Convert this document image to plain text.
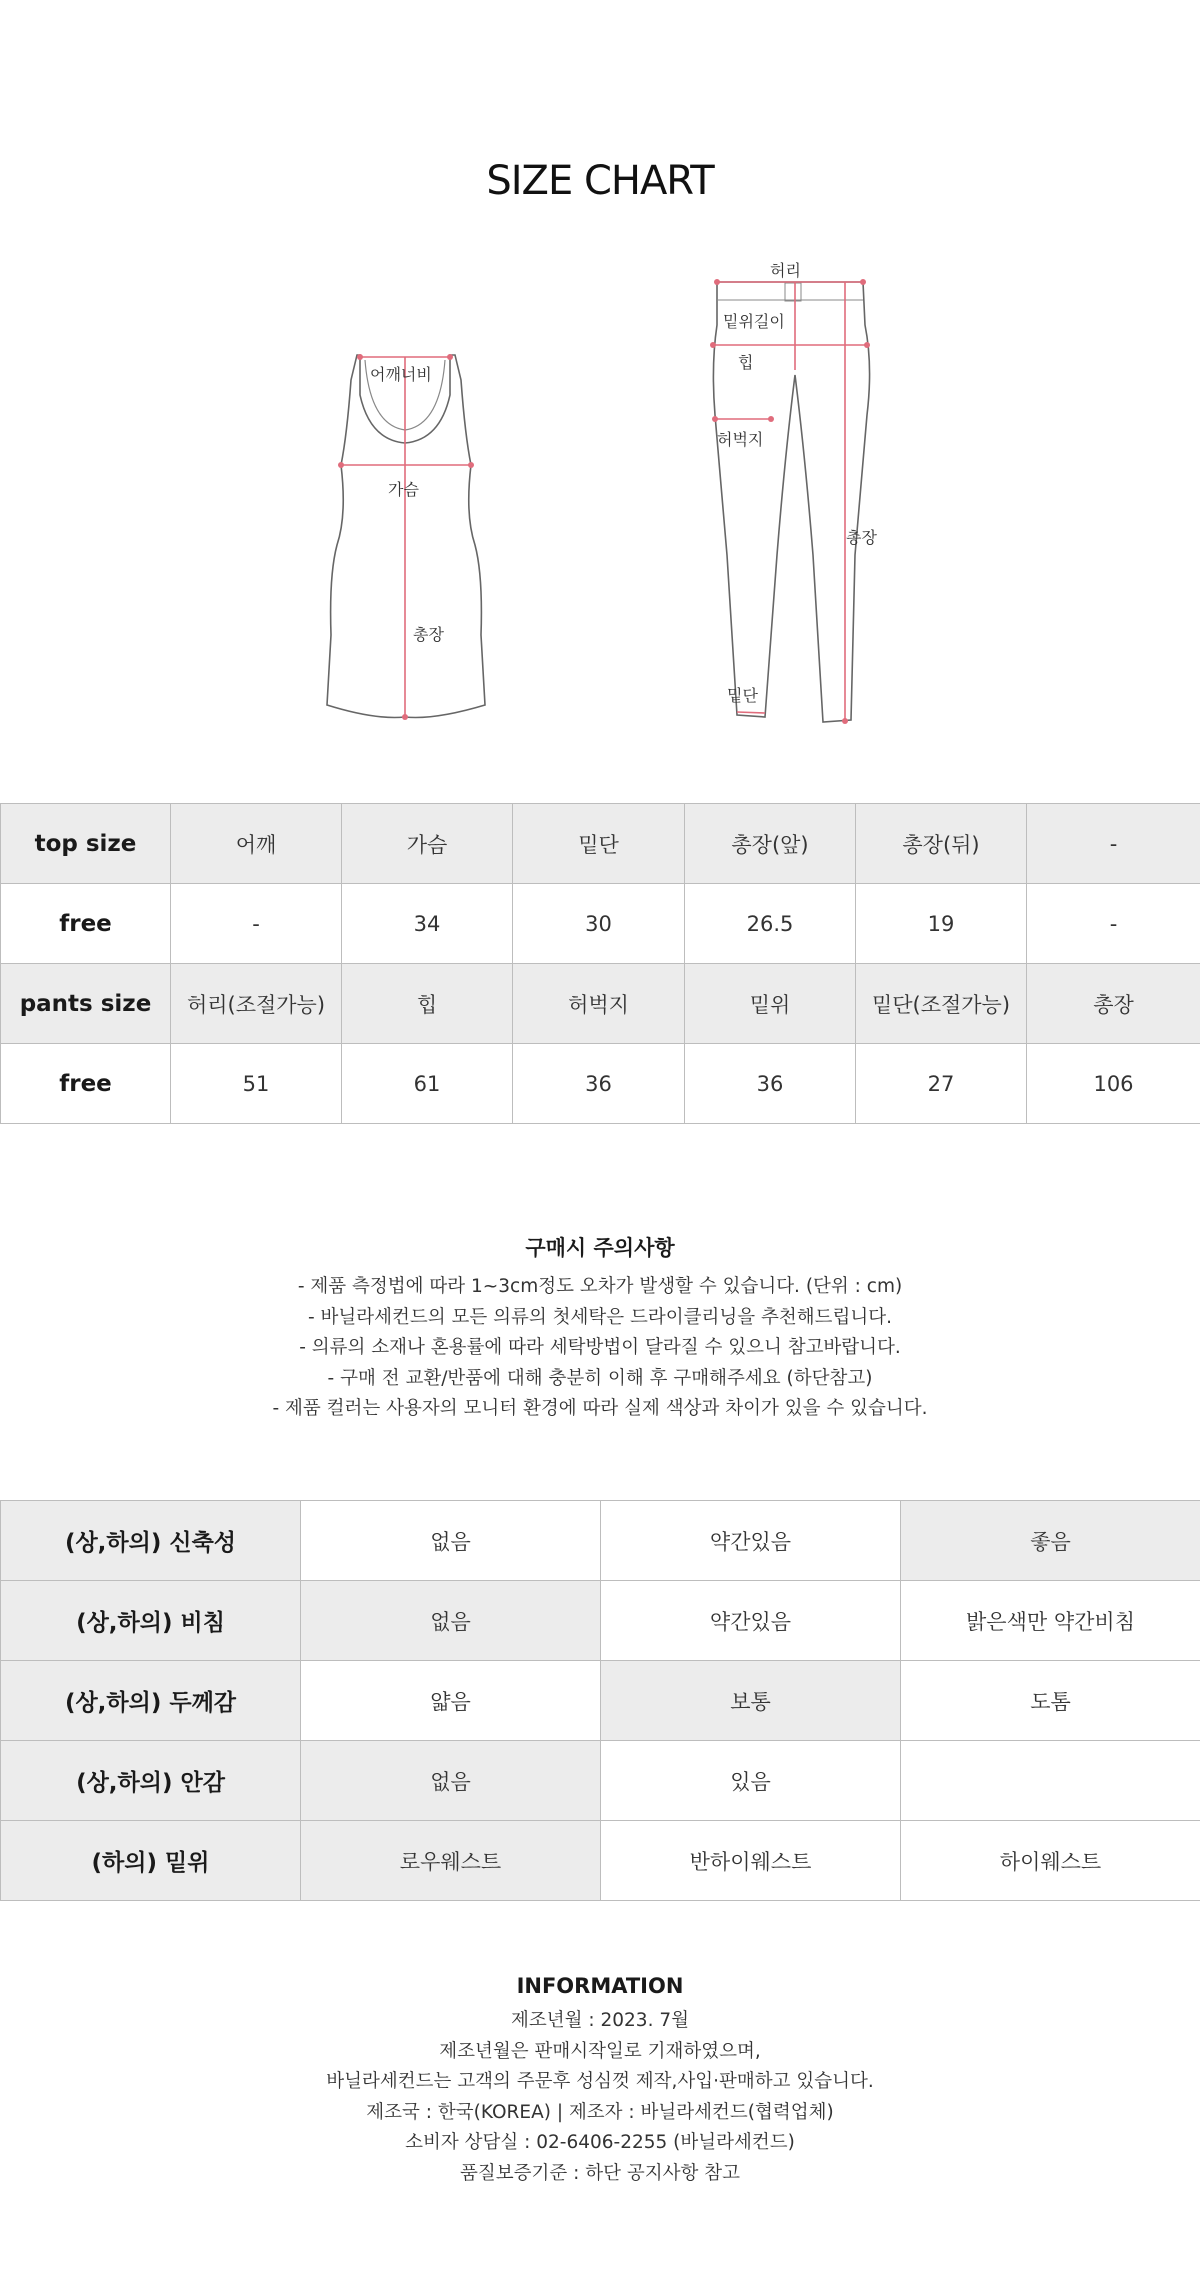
SIZE CHART
어깨너비
가슴
총장
허리
밑위길이
힙
허벅지
총장
밑단
top size	어깨	가슴	밑단	총장(앞)	총장(뒤)	-
free	-	34	30	26.5	19	-
pants size	허리(조절가능)	힙	허벅지	밑위	밑단(조절가능)	총장
free	51	61	36	36	27	106
구매시 주의사항

- 제품 측정법에 따라 1~3cm정도 오차가 발생할 수 있습니다. (단위 : cm)

- 바닐라세컨드의 모든 의류의 첫세탁은 드라이클리닝을 추천해드립니다.

- 의류의 소재나 혼용률에 따라 세탁방법이 달라질 수 있으니 참고바랍니다.

- 구매 전 교환/반품에 대해 충분히 이해 후 구매해주세요 (하단참고)

- 제품 컬러는 사용자의 모니터 환경에 따라 실제 색상과 차이가 있을 수 있습니다.

(상,하의) 신축성	없음	약간있음	좋음
(상,하의) 비침	없음	약간있음	밝은색만 약간비침
(상,하의) 두께감	얇음	보통	도톰
(상,하의) 안감	없음	있음	
(하의) 밑위	로우웨스트	반하이웨스트	하이웨스트
INFORMATION

제조년월 : 2023. 7월

제조년월은 판매시작일로 기재하였으며,

바닐라세컨드는 고객의 주문후 성심껏 제작,사입·판매하고 있습니다.

제조국 : 한국(KOREA) | 제조자 : 바닐라세컨드(협력업체)

소비자 상담실 : 02-6406-2255 (바닐라세컨드)

품질보증기준 : 하단 공지사항 참고
